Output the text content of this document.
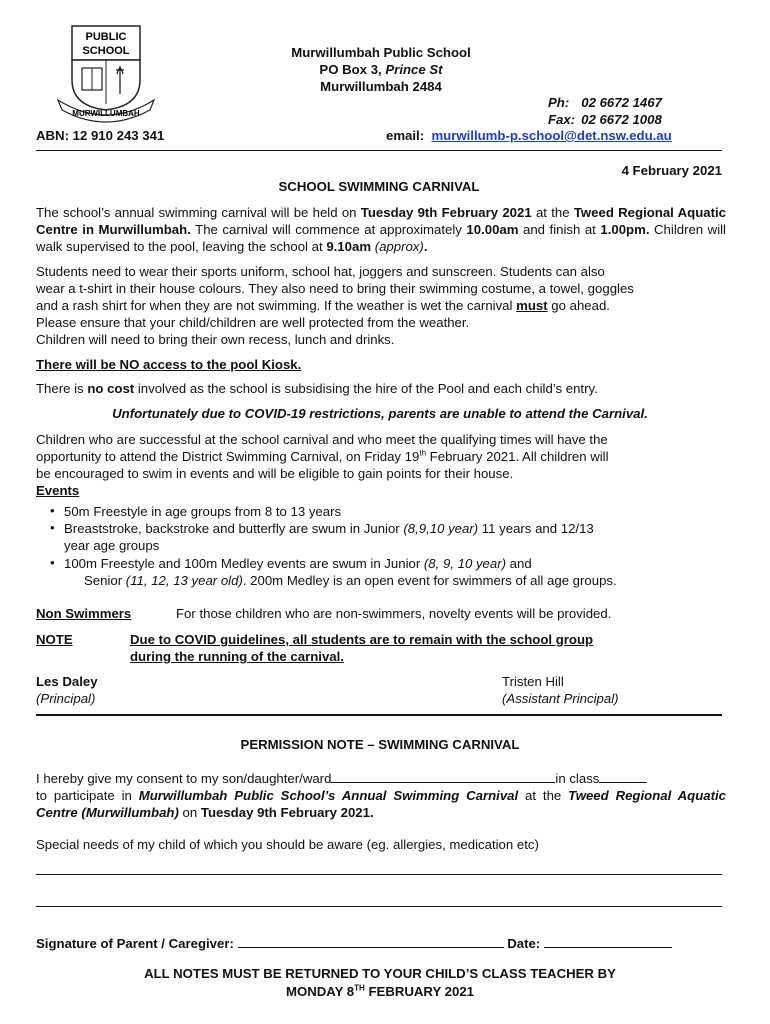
PUBLIC
SCHOOL
MURWILLUMBAH
Murwillumbah Public School
PO Box 3, Prince St
Murwillumbah 2484
Ph: 02 6672 1467
Fax: 02 6672 1008
email: murwillumb-p.school@det.nsw.edu.au
ABN: 12 910 243 341
4 February 2021
SCHOOL SWIMMING CARNIVAL
The school’s annual swimming carnival will be held on Tuesday 9th February 2021 at the Tweed Regional Aquatic Centre in Murwillumbah. The carnival will commence at approximately 10.00am and finish at 1.00pm. Children will walk supervised to the pool, leaving the school at 9.10am (approx).
Students need to wear their sports uniform, school hat, joggers and sunscreen. Students can also
wear a t-shirt in their house colours. They also need to bring their swimming costume, a towel, goggles
and a rash shirt for when they are not swimming. If the weather is wet the carnival must go ahead.
Please ensure that your child/children are well protected from the weather.
Children will need to bring their own recess, lunch and drinks.
There will be NO access to the pool Kiosk.
There is no cost involved as the school is subsidising the hire of the Pool and each child’s entry.
Unfortunately due to COVID-19 restrictions, parents are unable to attend the Carnival.
Children who are successful at the school carnival and who meet the qualifying times will have the
opportunity to attend the District Swimming Carnival, on Friday 19th February 2021. All children will
be encouraged to swim in events and will be eligible to gain points for their house.
Events
• 50m Freestyle in age groups from 8 to 13 years
• Breaststroke, backstroke and butterfly are swum in Junior (8,9,10 year) 11 years and 12/13
year age groups
• 100m Freestyle and 100m Medley events are swum in Junior (8, 9, 10 year) and
Senior (11, 12, 13 year old). 200m Medley is an open event for swimmers of all age groups.
Non Swimmers	For those children who are non-swimmers, novelty events will be provided.
NOTE	Due to COVID guidelines, all students are to remain with the school group
during the running of the carnival.
Les Daley
(Principal)
Tristen Hill
(Assistant Principal)
PERMISSION NOTE – SWIMMING CARNIVAL
I hereby give my consent to my son/daughter/ward	in class
to participate in Murwillumbah Public School’s Annual Swimming Carnival at the Tweed Regional Aquatic Centre (Murwillumbah) on Tuesday 9th February 2021.
Special needs of my child of which you should be aware (eg. allergies, medication etc)
Signature of Parent / Caregiver:	Date:
ALL NOTES MUST BE RETURNED TO YOUR CHILD’S CLASS TEACHER BY
MONDAY 8TH FEBRUARY 2021
